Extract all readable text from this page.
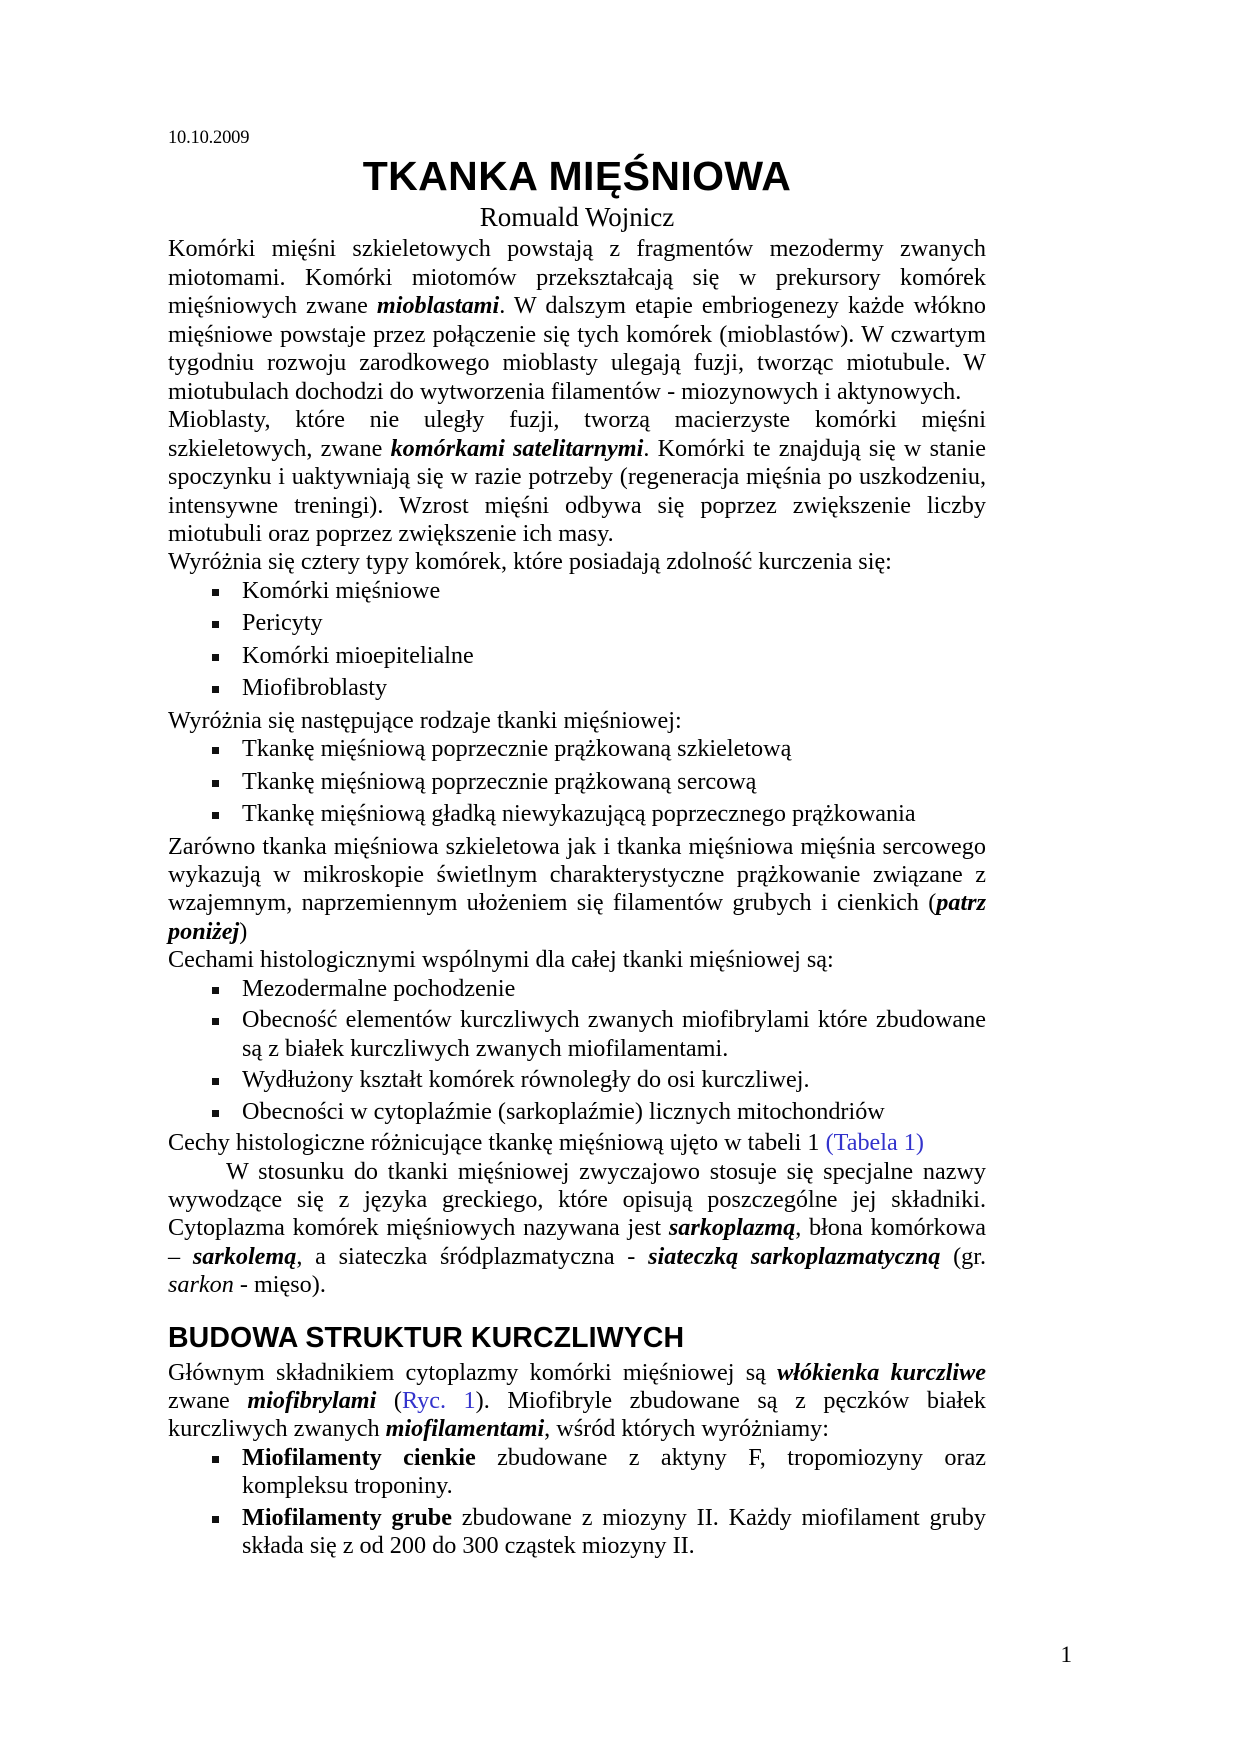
10.10.2009
TKANKA MIĘŚNIOWA
Romuald Wojnicz

Komórki mięśni szkieletowych powstają z fragmentów mezodermy zwanych miotomami. Komórki miotomów przekształcają się w prekursory komórek mięśniowych zwane mioblastami. W dalszym etapie embriogenezy każde włókno mięśniowe powstaje przez połączenie się tych komórek (mioblastów). W czwartym tygodniu rozwoju zarodkowego mioblasty ulegają fuzji, tworząc miotubule. W miotubulach dochodzi do wytworzenia filamentów - miozynowych i aktynowych.

Mioblasty, które nie uległy fuzji, tworzą macierzyste komórki mięśni szkieletowych, zwane komórkami satelitarnymi. Komórki te znajdują się w stanie spoczynku i uaktywniają się w razie potrzeby (regeneracja mięśnia po uszkodzeniu, intensywne treningi). Wzrost mięśni odbywa się poprzez zwiększenie liczby miotubuli oraz poprzez zwiększenie ich masy.

Wyróżnia się cztery typy komórek, które posiadają zdolność kurczenia się:

Komórki mięśniowe
Pericyty
Komórki mioepitelialne
Miofibroblasty

Wyróżnia się następujące rodzaje tkanki mięśniowej:

Tkankę mięśniową poprzecznie prążkowaną szkieletową
Tkankę mięśniową poprzecznie prążkowaną sercową
Tkankę mięśniową gładką niewykazującą poprzecznego prążkowania

Zarówno tkanka mięśniowa szkieletowa jak i tkanka mięśniowa mięśnia sercowego wykazują w mikroskopie świetlnym charakterystyczne prążkowanie związane z wzajemnym, naprzemiennym ułożeniem się filamentów grubych i cienkich (patrz poniżej)

Cechami histologicznymi wspólnymi dla całej tkanki mięśniowej są:

Mezodermalne pochodzenie
Obecność elementów kurczliwych zwanych miofibrylami które zbudowane są z białek kurczliwych zwanych miofilamentami.
Wydłużony kształt komórek równoległy do osi kurczliwej.
Obecności w cytoplaźmie (sarkoplaźmie) licznych mitochondriów

Cechy histologiczne różnicujące tkankę mięśniową ujęto w tabeli 1 (Tabela 1)

W stosunku do tkanki mięśniowej zwyczajowo stosuje się specjalne nazwy wywodzące się z języka greckiego, które opisują poszczególne jej składniki. Cytoplazma komórek mięśniowych nazywana jest sarkoplazmą, błona komórkowa – sarkolemą, a siateczka śródplazmatyczna - siateczką sarkoplazmatyczną (gr. sarkon - mięso).

BUDOWA STRUKTUR KURCZLIWYCH

Głównym składnikiem cytoplazmy komórki mięśniowej są włókienka kurczliwe zwane miofibrylami (Ryc. 1). Miofibryle zbudowane są z pęczków białek kurczliwych zwanych miofilamentami, wśród których wyróżniamy:

Miofilamenty cienkie zbudowane z aktyny F, tropomiozyny oraz kompleksu troponiny.
Miofilamenty grube zbudowane z miozyny II. Każdy miofilament gruby składa się z od 200 do 300 cząstek miozyny II.
1
